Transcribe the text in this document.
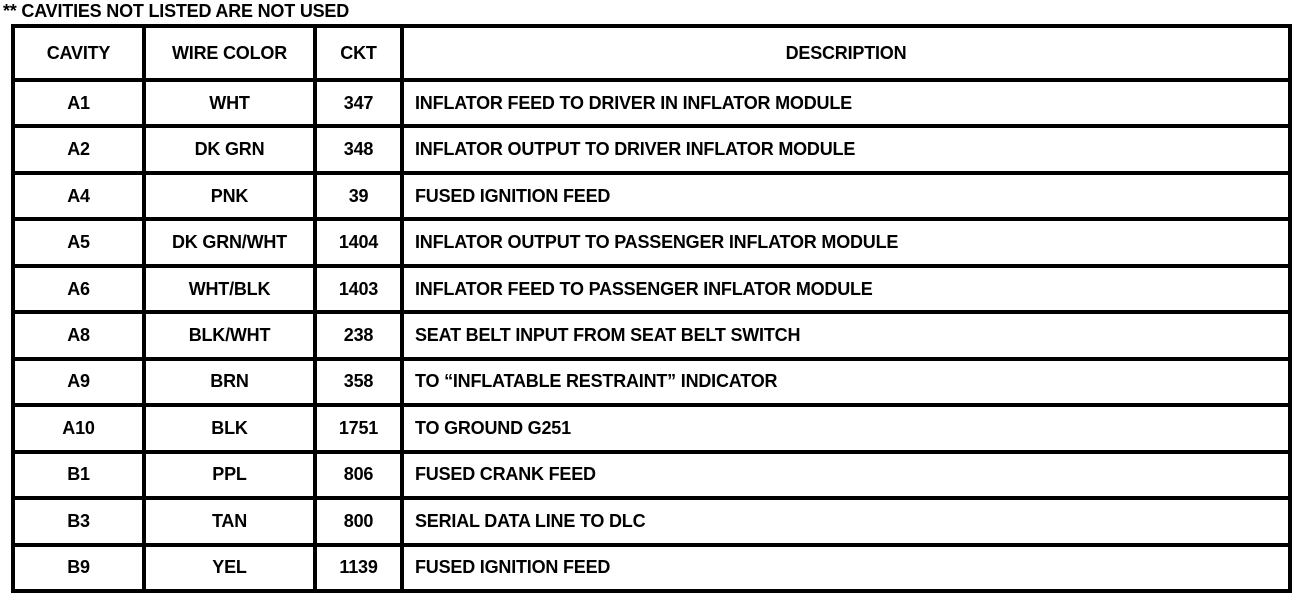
** CAVITIES NOT LISTED ARE NOT USED
CAVITY	WIRE COLOR	CKT	DESCRIPTION
A1	WHT	347	INFLATOR FEED TO DRIVER IN INFLATOR MODULE
A2	DK GRN	348	INFLATOR OUTPUT TO DRIVER INFLATOR MODULE
A4	PNK	39	FUSED IGNITION FEED
A5	DK GRN/WHT	1404	INFLATOR OUTPUT TO PASSENGER INFLATOR MODULE
A6	WHT/BLK	1403	INFLATOR FEED TO PASSENGER INFLATOR MODULE
A8	BLK/WHT	238	SEAT BELT INPUT FROM SEAT BELT SWITCH
A9	BRN	358	TO “INFLATABLE RESTRAINT” INDICATOR
A10	BLK	1751	TO GROUND G251
B1	PPL	806	FUSED CRANK FEED
B3	TAN	800	SERIAL DATA LINE TO DLC
B9	YEL	1139	FUSED IGNITION FEED
